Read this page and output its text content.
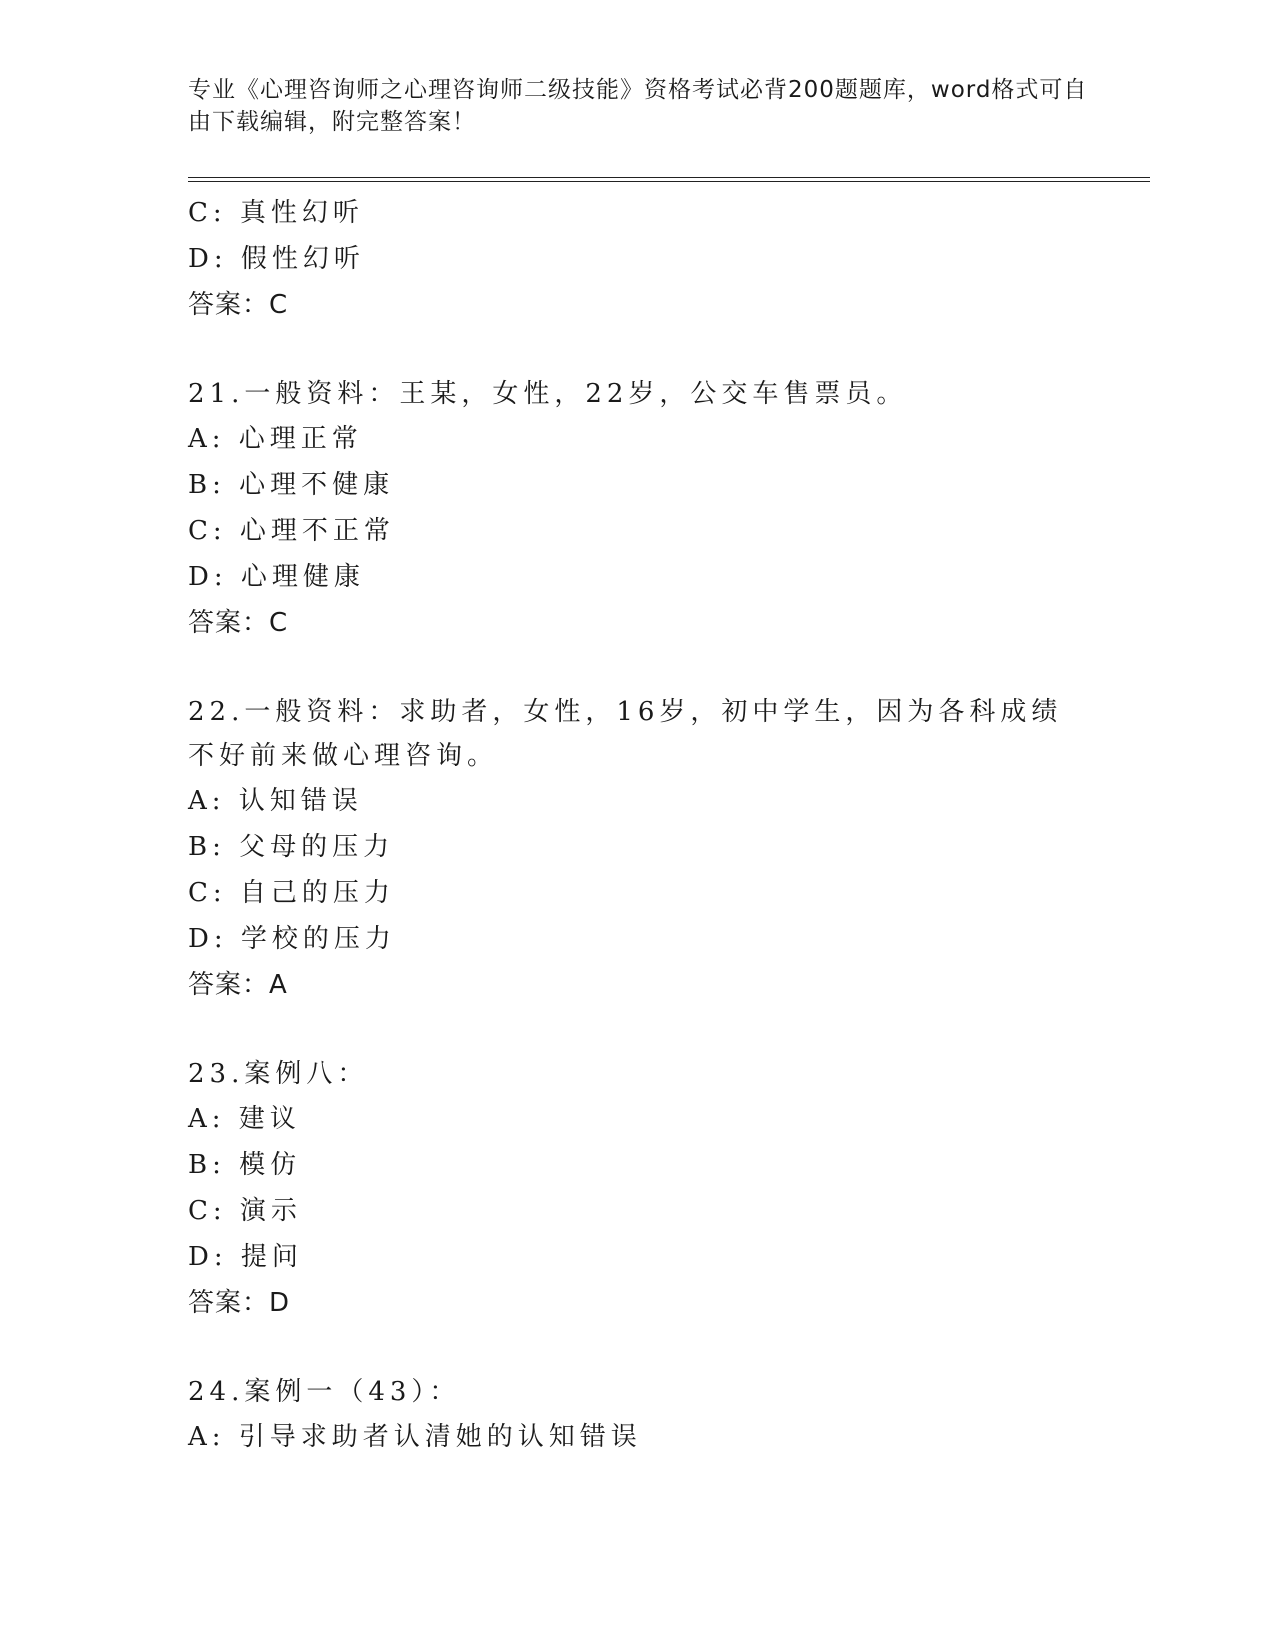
专业《心理咨询师之心理咨询师二级技能》资格考试必背200题题库，word格式可自由下载编辑，附完整答案！
C: 真性幻听
D: 假性幻听
答案：C
21.一般资料：王某，女性，22岁，公交车售票员。
A: 心理正常
B: 心理不健康
C: 心理不正常
D: 心理健康
答案：C
22.一般资料：求助者，女性，16岁，初中学生，因为各科成绩不好前来做心理咨询。
A: 认知错误
B: 父母的压力
C: 自己的压力
D: 学校的压力
答案：A
23.案例八：
A: 建议
B: 模仿
C: 演示
D: 提问
答案：D
24.案例一（43）：
A: 引导求助者认清她的认知错误
